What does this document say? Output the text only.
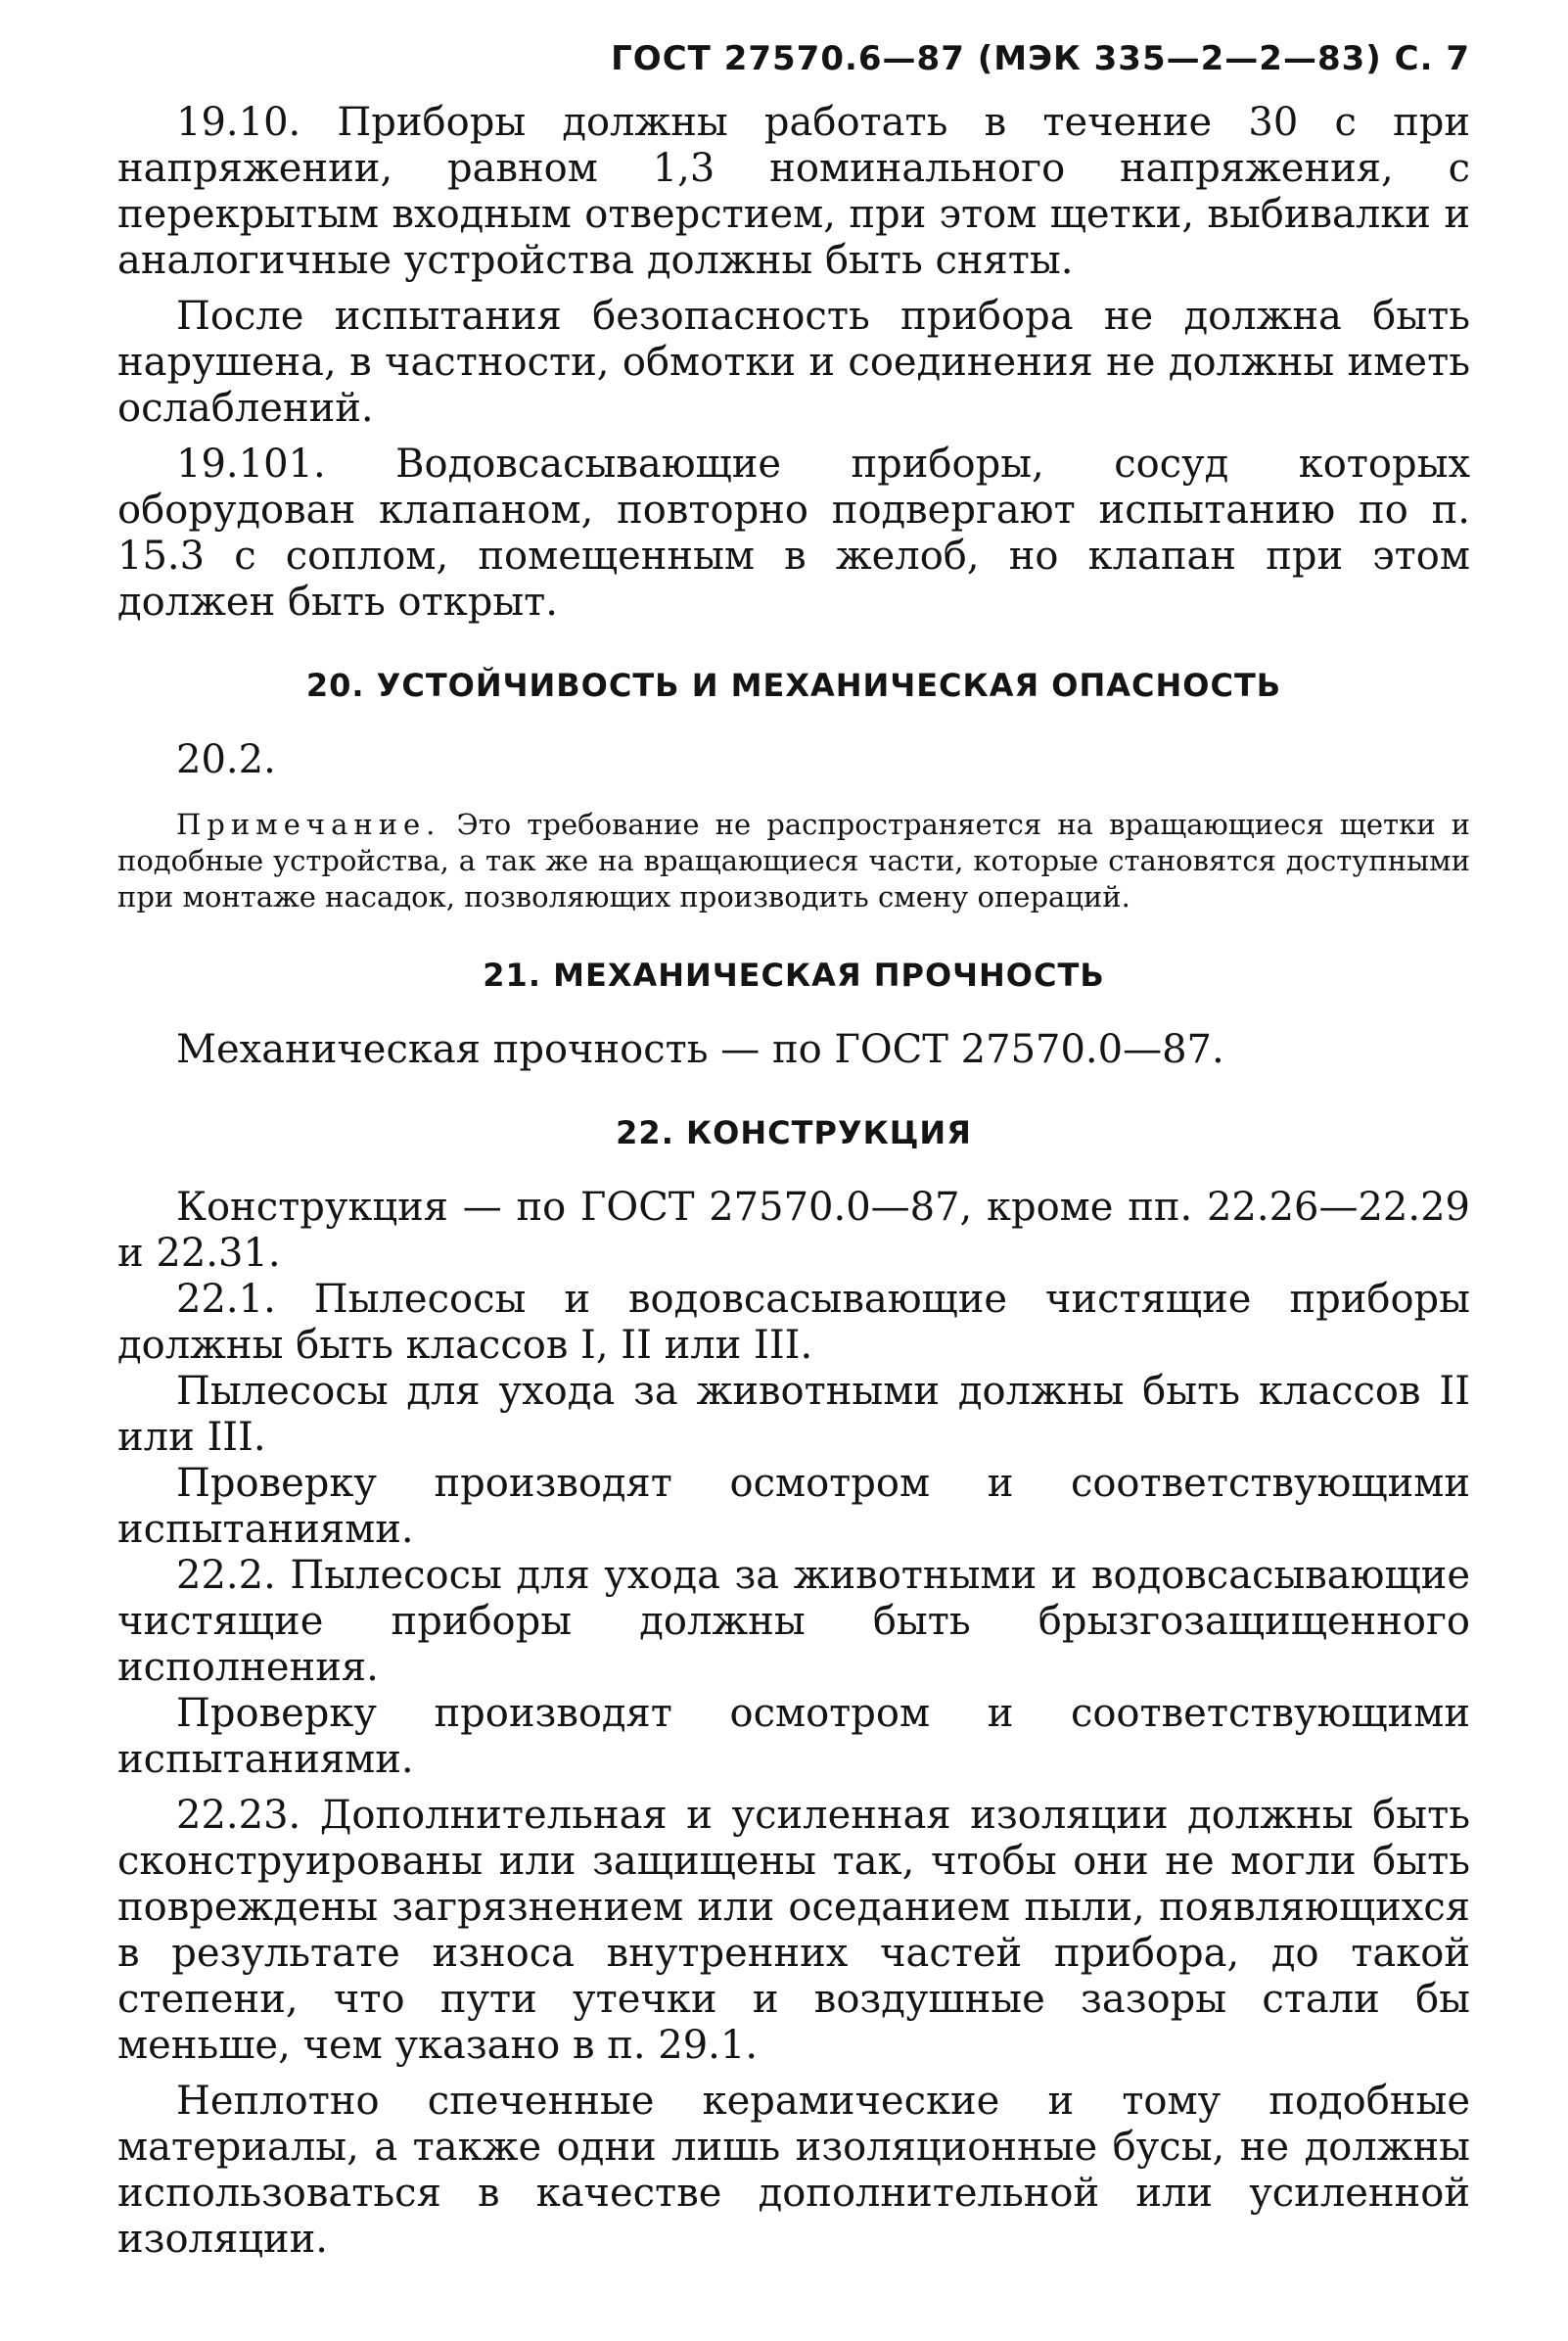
ГОСТ 27570.6—87 (МЭК 335—2—2—83) С. 7

19.10. Приборы должны работать в течение 30 с при напряжении, равном 1,3 номинального напряжения, с перекрытым входным отверстием, при этом щетки, выбивалки и аналогичные устройства должны быть сняты.

После испытания безопасность прибора не должна быть нарушена, в частности, обмотки и соединения не должны иметь ослаблений.

19.101. Водовсасывающие приборы, сосуд которых оборудован клапаном, повторно подвергают испытанию по п. 15.3 с соплом, помещенным в желоб, но клапан при этом должен быть открыт.

20. УСТОЙЧИВОСТЬ И МЕХАНИЧЕСКАЯ ОПАСНОСТЬ

20.2.

Примечание. Это требование не распространяется на вращающиеся щетки и подобные устройства, а так же на вращающиеся части, которые становятся доступными при монтаже насадок, позволяющих производить смену операций.

21. МЕХАНИЧЕСКАЯ ПРОЧНОСТЬ

Механическая прочность — по ГОСТ 27570.0—87.

22. КОНСТРУКЦИЯ

Конструкция — по ГОСТ 27570.0—87, кроме пп. 22.26—22.29 и 22.31.

22.1. Пылесосы и водовсасывающие чистящие приборы должны быть классов I, II или III.

Пылесосы для ухода за животными должны быть классов II или III.

Проверку производят осмотром и соответствующими испытаниями.

22.2. Пылесосы для ухода за животными и водовсасывающие чистящие приборы должны быть брызгозащищенного исполнения.

Проверку производят осмотром и соответствующими испытаниями.

22.23. Дополнительная и усиленная изоляции должны быть сконструированы или защищены так, чтобы они не могли быть повреждены загрязнением или оседанием пыли, появляющихся в результате износа внутренних частей прибора, до такой степени, что пути утечки и воздушные зазоры стали бы меньше, чем указано в п. 29.1.

Неплотно спеченные керамические и тому подобные материалы, а также одни лишь изоляционные бусы, не должны использоваться в качестве дополнительной или усиленной изоляции.
